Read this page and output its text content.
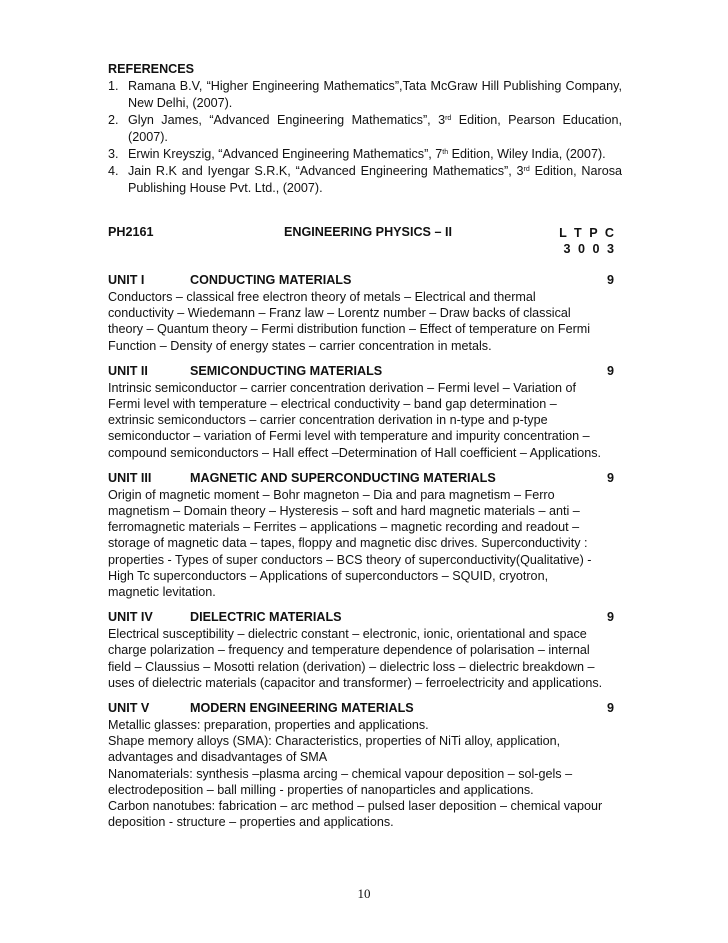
REFERENCES

1. Ramana B.V, “Higher Engineering Mathematics”,Tata McGraw Hill Publishing Company, New Delhi, (2007).

2. Glyn James, “Advanced Engineering Mathematics”, 3rd Edition, Pearson Education, (2007).

3. Erwin Kreyszig, “Advanced Engineering Mathematics”, 7th Edition, Wiley India, (2007).

4. Jain R.K and Iyengar S.R.K, “Advanced Engineering Mathematics”, 3rd Edition, Narosa Publishing House Pvt. Ltd., (2007).

PH2161	ENGINEERING PHYSICS – II	L T P C
3 0 0 3
UNIT I	CONDUCTING MATERIALS	9

Conductors – classical free electron theory of metals – Electrical and thermal
conductivity – Wiedemann – Franz law – Lorentz number – Draw backs of classical
theory – Quantum theory – Fermi distribution function – Effect of temperature on Fermi
Function – Density of energy states – carrier concentration in metals.

UNIT II	SEMICONDUCTING MATERIALS	9

Intrinsic semiconductor – carrier concentration derivation – Fermi level – Variation of
Fermi level with temperature – electrical conductivity – band gap determination –
extrinsic semiconductors – carrier concentration derivation in n-type and p-type
semiconductor – variation of Fermi level with temperature and impurity concentration –
compound semiconductors – Hall effect –Determination of Hall coefficient – Applications.

UNIT III	MAGNETIC AND SUPERCONDUCTING MATERIALS	9

Origin of magnetic moment – Bohr magneton – Dia and para magnetism – Ferro
magnetism – Domain theory – Hysteresis – soft and hard magnetic materials – anti –
ferromagnetic materials – Ferrites – applications – magnetic recording and readout –
storage of magnetic data – tapes, floppy and magnetic disc drives. Superconductivity :
properties - Types of super conductors – BCS theory of superconductivity(Qualitative) -
High Tc superconductors – Applications of superconductors – SQUID, cryotron,
magnetic levitation.

UNIT IV	DIELECTRIC MATERIALS	9

Electrical susceptibility – dielectric constant – electronic, ionic, orientational and space
charge polarization – frequency and temperature dependence of polarisation – internal
field – Claussius – Mosotti relation (derivation) – dielectric loss – dielectric breakdown –
uses of dielectric materials (capacitor and transformer) – ferroelectricity and applications.

UNIT V	MODERN ENGINEERING MATERIALS	9

Metallic glasses: preparation, properties and applications.
Shape memory alloys (SMA): Characteristics, properties of NiTi alloy, application,
advantages and disadvantages of SMA
Nanomaterials: synthesis –plasma arcing – chemical vapour deposition – sol-gels –
electrodeposition – ball milling - properties of nanoparticles and applications.
Carbon nanotubes: fabrication – arc method – pulsed laser deposition – chemical vapour
deposition - structure – properties and applications.

10
